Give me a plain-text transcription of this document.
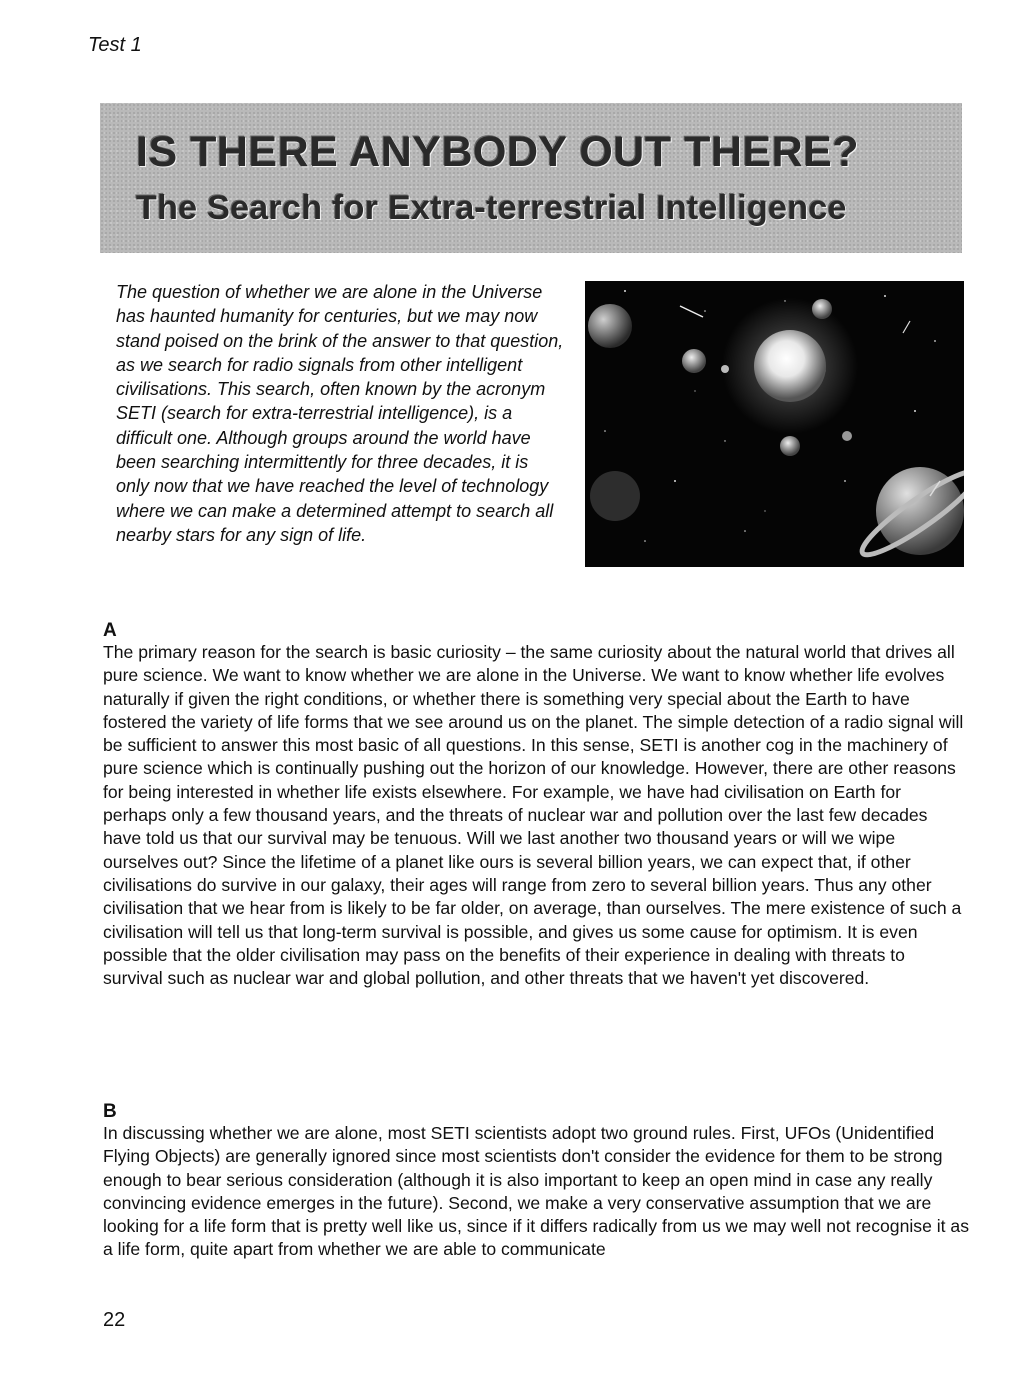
Test 1
IS THERE ANYBODY OUT THERE?
The Search for Extra-terrestrial Intelligence
The question of whether we are alone in the Universe has haunted humanity for centuries, but we may now stand poised on the brink of the answer to that question, as we search for radio signals from other intelligent civilisations. This search, often known by the acronym SETI (search for extra-terrestrial intelligence), is a difficult one. Although groups around the world have been searching intermittently for three decades, it is only now that we have reached the level of technology where we can make a determined attempt to search all nearby stars for any sign of life.
A
The primary reason for the search is basic curiosity – the same curiosity about the natural world that drives all pure science. We want to know whether we are alone in the Universe. We want to know whether life evolves naturally if given the right conditions, or whether there is something very special about the Earth to have fostered the variety of life forms that we see around us on the planet. The simple detection of a radio signal will be sufficient to answer this most basic of all questions. In this sense, SETI is another cog in the machinery of pure science which is continually pushing out the horizon of our knowledge. However, there are other reasons for being interested in whether life exists elsewhere. For example, we have had civilisation on Earth for perhaps only a few thousand years, and the threats of nuclear war and pollution over the last few decades have told us that our survival may be tenuous. Will we last another two thousand years or will we wipe ourselves out? Since the lifetime of a planet like ours is several billion years, we can expect that, if other civilisations do survive in our galaxy, their ages will range from zero to several billion years. Thus any other civilisation that we hear from is likely to be far older, on average, than ourselves. The mere existence of such a civilisation will tell us that long-term survival is possible, and gives us some cause for optimism. It is even possible that the older civilisation may pass on the benefits of their experience in dealing with threats to survival such as nuclear war and global pollution, and other threats that we haven't yet discovered.
B
In discussing whether we are alone, most SETI scientists adopt two ground rules. First, UFOs (Unidentified Flying Objects) are generally ignored since most scientists don't consider the evidence for them to be strong enough to bear serious consideration (although it is also important to keep an open mind in case any really convincing evidence emerges in the future). Second, we make a very conservative assumption that we are looking for a life form that is pretty well like us, since if it differs radically from us we may well not recognise it as a life form, quite apart from whether we are able to communicate
22
